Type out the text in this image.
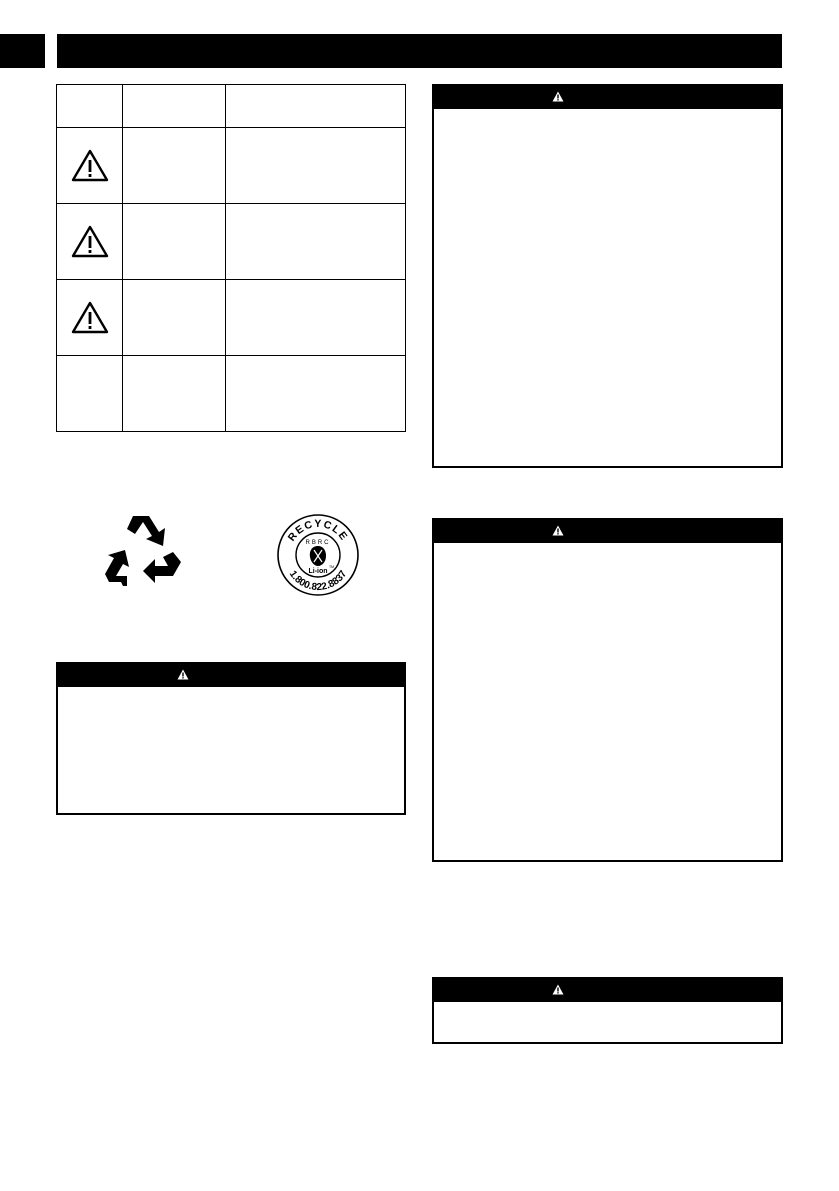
RECYCLE
1.800.822.8837
RBRC
TM
Li-ion
